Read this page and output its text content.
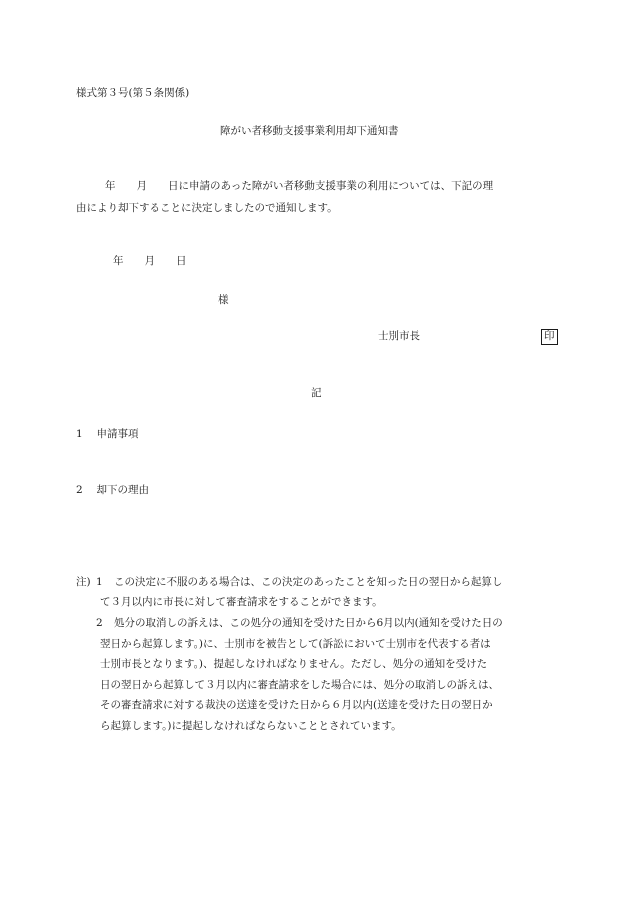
様式第３号(第５条関係)
障がい者移動支援事業利用却下通知書
　　年　　月　　日に申請のあった障がい者移動支援事業の利用については、下記の理
由により却下することに決定しましたので通知します。
年　　月　　日
様
士別市長	印
記
1　 申請事項
2　 却下の理由
注) 1 この決定に不服のある場合は、この決定のあったことを知った日の翌日から起算し
て３月以内に市長に対して審査請求をすることができます。
2 処分の取消しの訴えは、この処分の通知を受けた日から6月以内(通知を受けた日の
翌日から起算します。)に、士別市を被告として(訴訟において士別市を代表する者は
士別市長となります。)、提起しなければなりません。ただし、処分の通知を受けた
日の翌日から起算して３月以内に審査請求をした場合には、処分の取消しの訴えは、
その審査請求に対する裁決の送達を受けた日から６月以内(送達を受けた日の翌日か
ら起算します。)に提起しなければならないこととされています。
